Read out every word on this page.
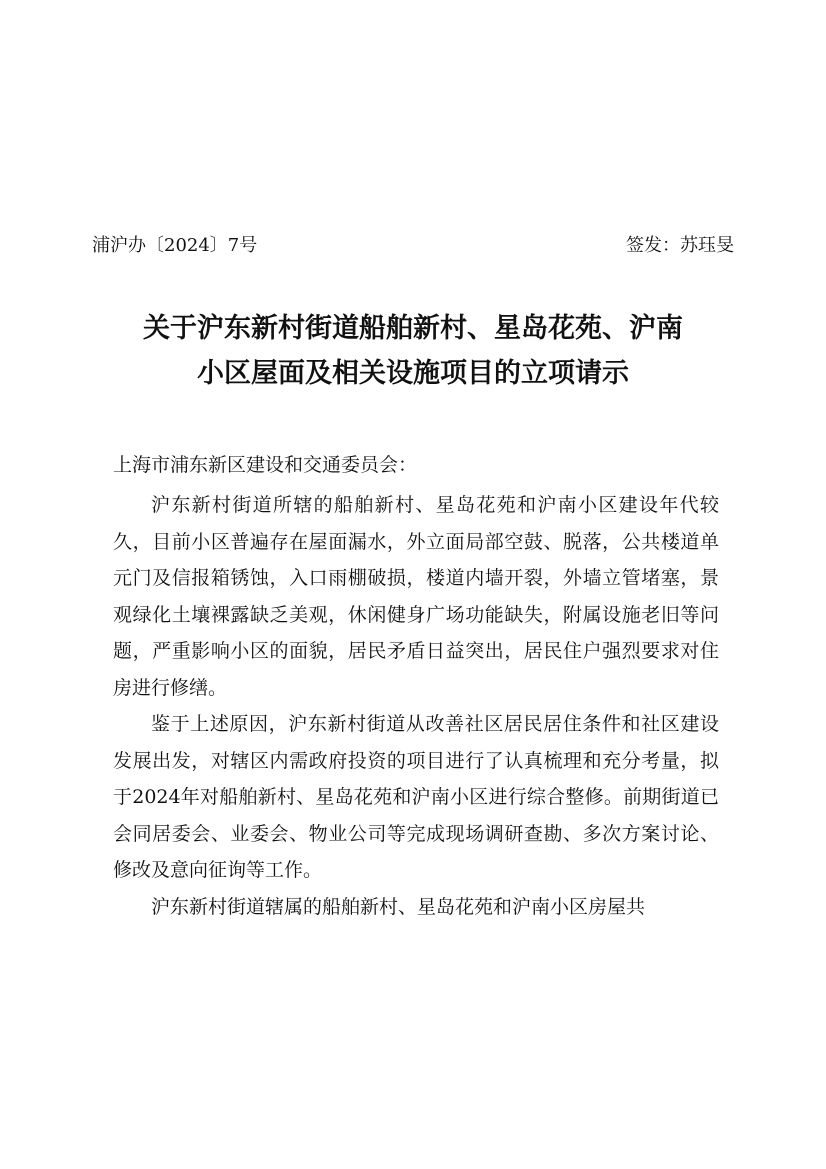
浦沪办〔2024〕7号	签发：苏珏旻
关于沪东新村街道船舶新村、星岛花苑、沪南
小区屋面及相关设施项目的立项请示
上海市浦东新区建设和交通委员会：

沪东新村街道所辖的船舶新村、星岛花苑和沪南小区建设年代较久，目前小区普遍存在屋面漏水，外立面局部空鼓、脱落，公共楼道单元门及信报箱锈蚀，入口雨棚破损，楼道内墙开裂，外墙立管堵塞，景观绿化土壤裸露缺乏美观，休闲健身广场功能缺失，附属设施老旧等问题，严重影响小区的面貌，居民矛盾日益突出，居民住户强烈要求对住房进行修缮。

鉴于上述原因，沪东新村街道从改善社区居民居住条件和社区建设发展出发，对辖区内需政府投资的项目进行了认真梳理和充分考量，拟于2024年对船舶新村、星岛花苑和沪南小区进行综合整修。前期街道已会同居委会、业委会、物业公司等完成现场调研查勘、多次方案讨论、修改及意向征询等工作。

沪东新村街道辖属的船舶新村、星岛花苑和沪南小区房屋共
